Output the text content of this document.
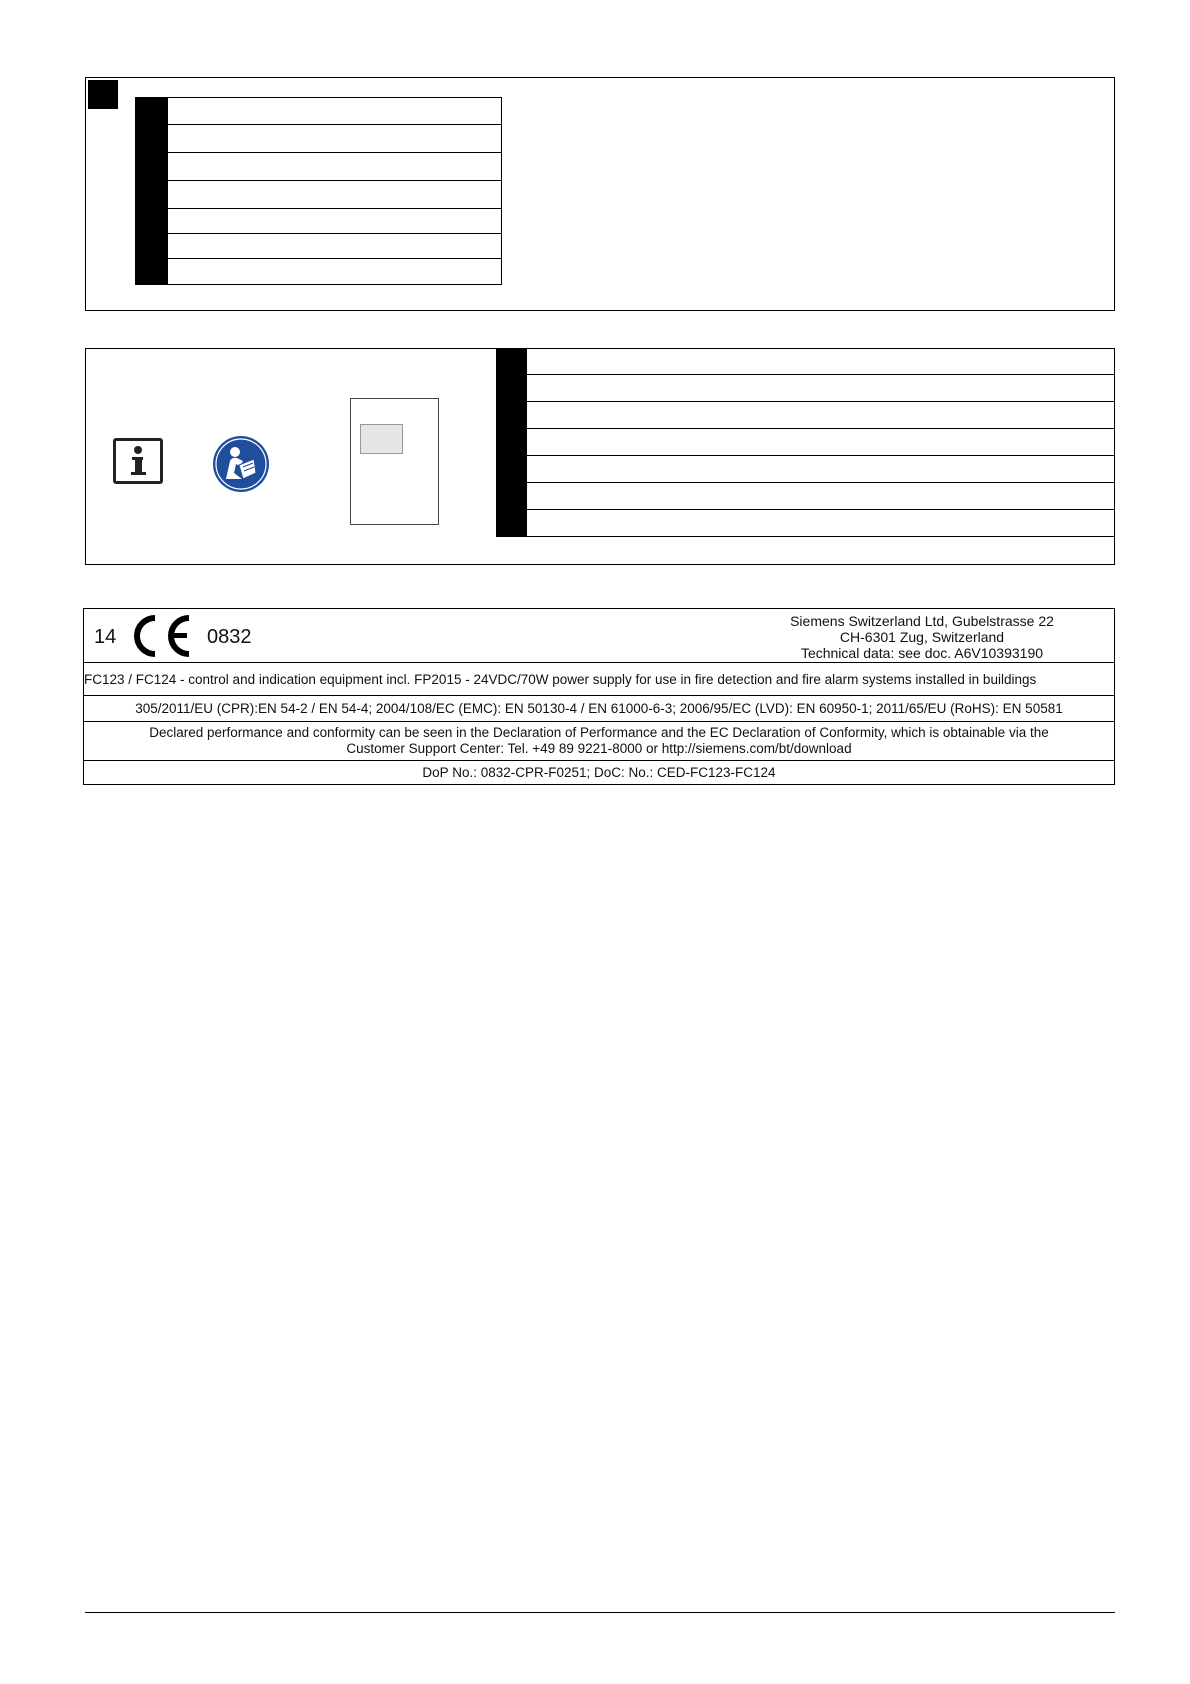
14	0832
Siemens Switzerland Ltd, Gubelstrasse 22
CH-6301 Zug, Switzerland
Technical data: see doc. A6V10393190
FC123 / FC124 - control and indication equipment incl. FP2015 - 24VDC/70W power supply for use in fire detection and fire alarm systems installed in buildings
305/2011/EU (CPR):EN 54-2 / EN 54-4; 2004/108/EC (EMC): EN 50130-4 / EN 61000-6-3; 2006/95/EC (LVD): EN 60950-1; 2011/65/EU (RoHS): EN 50581
Declared performance and conformity can be seen in the Declaration of Performance and the EC Declaration of Conformity, which is obtainable via the
Customer Support Center: Tel. +49 89 9221-8000 or http://siemens.com/bt/download
DoP No.: 0832-CPR-F0251; DoC: No.: CED-FC123-FC124
